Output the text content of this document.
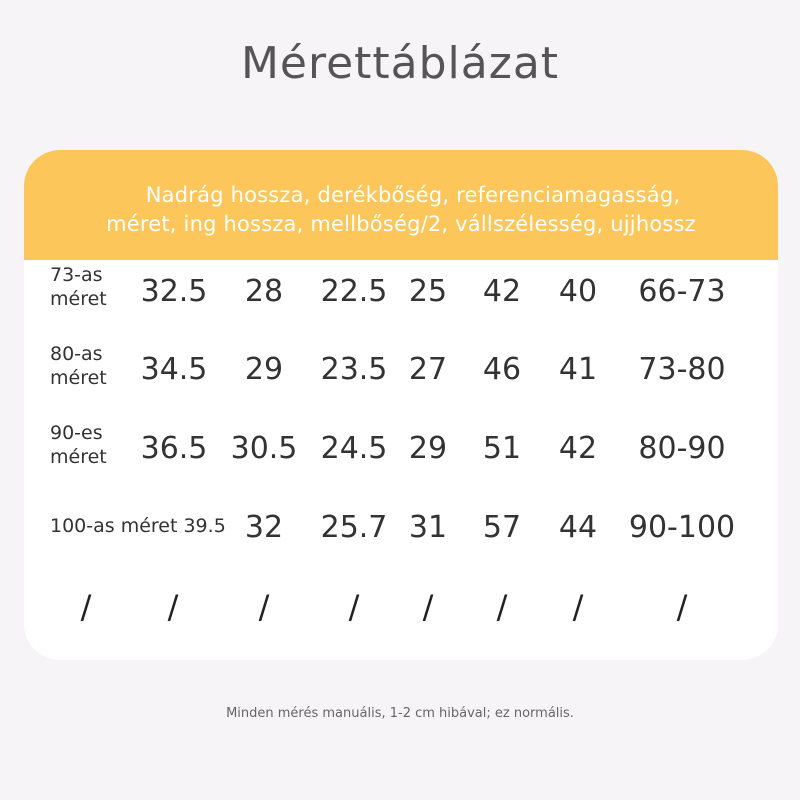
Mérettáblázat
Nadrág hossza, derékbőség, referenciamagasság,
méret, ing hossza, mellbőség/2, vállszélesség, ujjhossz
73-as
méret 32.5 28 22.5 25 42 40 66-73
80-as
méret 34.5 29 23.5 27 46 41 73-80
90-es
méret 36.5 30.5 24.5 29 51 42 80-90
100-as méret 39.5 32 25.7 31 57 44 90-100
/ /	/ / / / /	/
Minden mérés manuális, 1-2 cm hibával; ez normális.
